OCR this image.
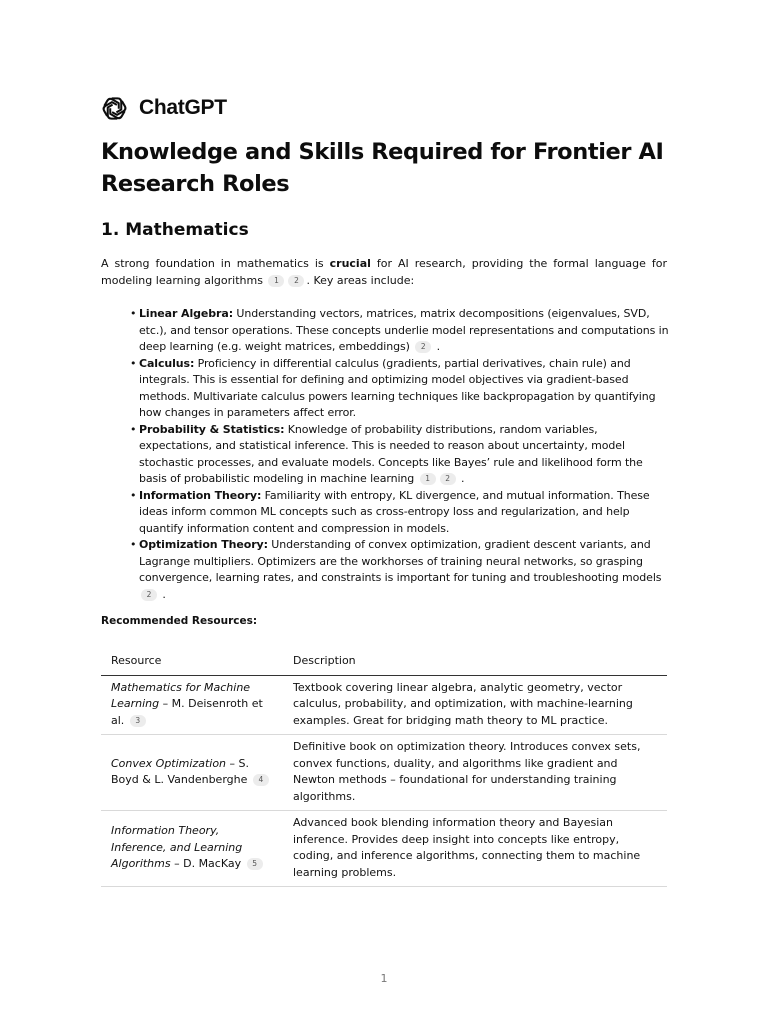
ChatGPT
Knowledge and Skills Required for Frontier AI Research Roles
1. Mathematics

A strong foundation in mathematics is crucial for AI research, providing the formal language for modeling learning algorithms 1 2 . Key areas include:

• Linear Algebra: Understanding vectors, matrices, matrix decompositions (eigenvalues, SVD, etc.), and tensor operations. These concepts underlie model representations and computations in deep learning (e.g. weight matrices, embeddings) 2 .
• Calculus: Proficiency in differential calculus (gradients, partial derivatives, chain rule) and integrals. This is essential for defining and optimizing model objectives via gradient-based methods. Multivariate calculus powers learning techniques like backpropagation by quantifying how changes in parameters affect error.
• Probability & Statistics: Knowledge of probability distributions, random variables, expectations, and statistical inference. This is needed to reason about uncertainty, model stochastic processes, and evaluate models. Concepts like Bayes’ rule and likelihood form the basis of probabilistic modeling in machine learning 1 2 .
• Information Theory: Familiarity with entropy, KL divergence, and mutual information. These ideas inform common ML concepts such as cross-entropy loss and regularization, and help quantify information content and compression in models.
• Optimization Theory: Understanding of convex optimization, gradient descent variants, and Lagrange multipliers. Optimizers are the workhorses of training neural networks, so grasping convergence, learning rates, and constraints is important for tuning and troubleshooting models 2 .

Recommended Resources:

Resource	Description
Mathematics for Machine Learning – M. Deisenroth et al. 3	Textbook covering linear algebra, analytic geometry, vector calculus, probability, and optimization, with machine-learning examples. Great for bridging math theory to ML practice.
Convex Optimization – S. Boyd & L. Vandenberghe 4	Definitive book on optimization theory. Introduces convex sets, convex functions, duality, and algorithms like gradient and Newton methods – foundational for understanding training algorithms.
Information Theory, Inference, and Learning Algorithms – D. MacKay 5	Advanced book blending information theory and Bayesian inference. Provides deep insight into concepts like entropy, coding, and inference algorithms, connecting them to machine learning problems.
1
